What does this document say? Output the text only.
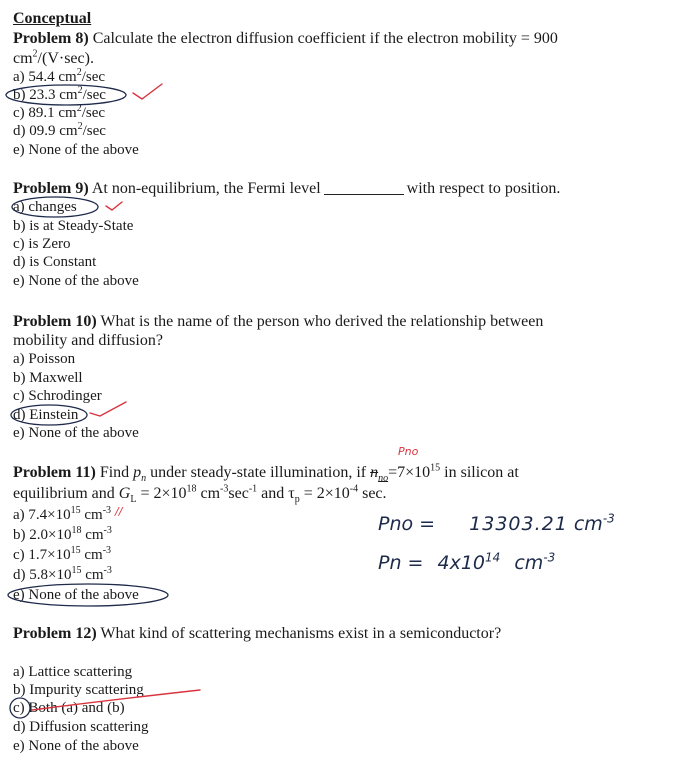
Conceptual
Problem 8) Calculate the electron diffusion coefficient if the electron mobility = 900
$cm^2/(V\cdot\sec)$.
a) 54.4 $cm^2/\sec$
b) 23.3 $cm^2/\sec$
c) 89.1 $cm^2/\sec$
d) 09.9 $cm^2/\sec$
e) None of the above
Problem 9) At non-equilibrium, the Fermi level	with respect to position.
a) changes
b) is at Steady-State
c) is Zero
d) is Constant
e) None of the above
Problem 10) What is the name of the person who derived the relationship between
mobility and diffusion?
a) Poisson
b) Maxwell
c) Schrodinger
d) Einstein
e) None of the above
Problem 11) Find $p_n$ under steady-state illumination, if $n_{no}=7\times 10^{15}$ in silicon at
equilibrium and $G_L = 2\times 10^{18}$ $cm^{-3}\sec^{-1}$ and $\tau_p = 2\times 10^{-4}$ sec.
a) $7.4\times 10^{15}$ $cm^{-3}$
b) $2.0\times 10^{18}$ $cm^{-3}$
c) $1.7\times 10^{15}$ $cm^{-3}$
d) $5.8\times 10^{15}$ $cm^{-3}$
e) None of the above
Problem 12) What kind of scattering mechanisms exist in a semiconductor?
a) Lattice scattering
b) Impurity scattering
c) Both (a) and (b)
d) Diffusion scattering
e) None of the above
Pno
//
Pno = 13303.21 $cm^{-3}$
$Pn = 4x10^{14}$ $cm^{-3}$
